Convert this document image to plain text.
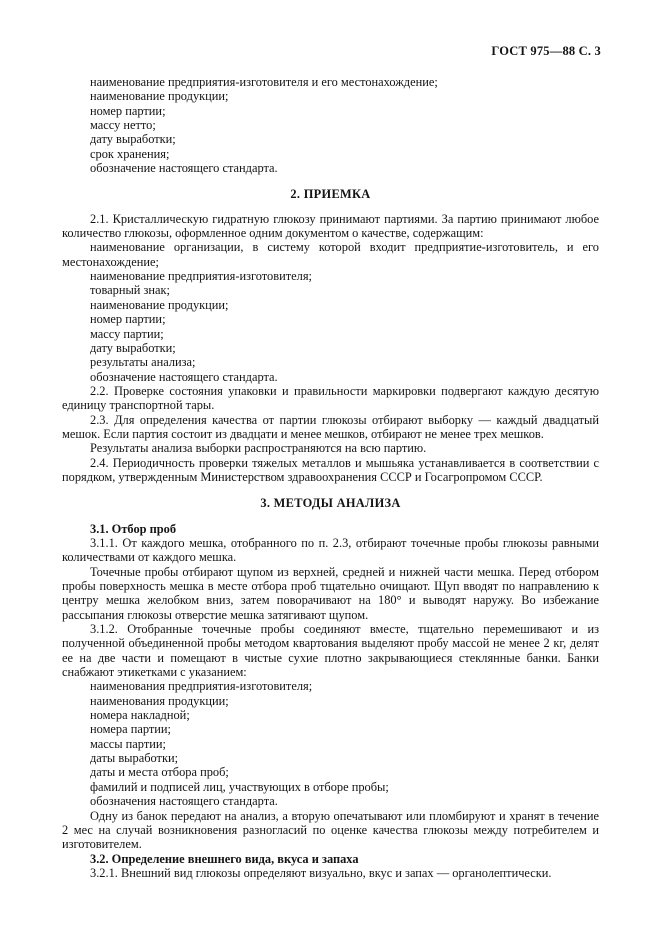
ГОСТ 975—88 С. 3

наименование предприятия-изготовителя и его местонахождение;

наименование продукции;

номер партии;

массу нетто;

дату выработки;

срок хранения;

обозначение настоящего стандарта.

2. ПРИЕМКА

2.1. Кристаллическую гидратную глюкозу принимают партиями. За партию принимают любое количество глюкозы, оформленное одним документом о качестве, содержащим:

наименование организации, в систему которой входит предприятие-изготовитель, и его местонахождение;

наименование предприятия-изготовителя;

товарный знак;

наименование продукции;

номер партии;

массу партии;

дату выработки;

результаты анализа;

обозначение настоящего стандарта.

2.2. Проверке состояния упаковки и правильности маркировки подвергают каждую десятую единицу транспортной тары.

2.3. Для определения качества от партии глюкозы отбирают выборку — каждый двадцатый мешок. Если партия состоит из двадцати и менее мешков, отбирают не менее трех мешков.

Результаты анализа выборки распространяются на всю партию.

2.4. Периодичность проверки тяжелых металлов и мышьяка устанавливается в соответствии с порядком, утвержденным Министерством здравоохранения СССР и Госагропромом СССР.

3. МЕТОДЫ АНАЛИЗА

3.1. Отбор проб

3.1.1. От каждого мешка, отобранного по п. 2.3, отбирают точечные пробы глюкозы равными количествами от каждого мешка.

Точечные пробы отбирают щупом из верхней, средней и нижней части мешка. Перед отбором пробы поверхность мешка в месте отбора проб тщательно очищают. Щуп вводят по направлению к центру мешка желобком вниз, затем поворачивают на 180° и выводят наружу. Во избежание рассыпания глюкозы отверстие мешка затягивают щупом.

3.1.2. Отобранные точечные пробы соединяют вместе, тщательно перемешивают и из полученной объединенной пробы методом квартования выделяют пробу массой не менее 2 кг, делят ее на две части и помещают в чистые сухие плотно закрывающиеся стеклянные банки. Банки снабжают этикетками с указанием:

наименования предприятия-изготовителя;

наименования продукции;

номера накладной;

номера партии;

массы партии;

даты выработки;

даты и места отбора проб;

фамилий и подписей лиц, участвующих в отборе пробы;

обозначения настоящего стандарта.

Одну из банок передают на анализ, а вторую опечатывают или пломбируют и хранят в течение 2 мес на случай возникновения разногласий по оценке качества глюкозы между потребителем и изготовителем.

3.2. Определение внешнего вида, вкуса и запаха

3.2.1. Внешний вид глюкозы определяют визуально, вкус и запах — органолептически.
